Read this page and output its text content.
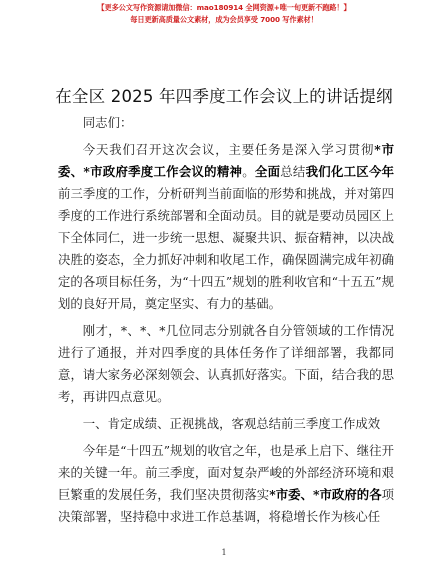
【更多公文写作资源请加微信：mao180914 全网资源+唯一旬更新不跑路！】
每日更新高质量公文素材，成为会员享受 7000 写作素材！
在全区 2025 年四季度工作会议上的讲话提纲

同志们：

今天我们召开这次会议，主要任务是深入学习贯彻*市委、*市政府季度工作会议的精神。全面总结我们化工区今年前三季度的工作，分析研判当前面临的形势和挑战，并对第四季度的工作进行系统部署和全面动员。目的就是要动员园区上下全体同仁，进一步统一思想、凝聚共识、振奋精神，以决战决胜的姿态，全力抓好冲刺和收尾工作，确保圆满完成年初确定的各项目标任务，为“十四五”规划的胜利收官和“十五五”规划的良好开局，奠定坚实、有力的基础。

刚才，*、*、*几位同志分别就各自分管领域的工作情况进行了通报，并对四季度的具体任务作了详细部署，我都同意，请大家务必深刻领会、认真抓好落实。下面，结合我的思考，再讲四点意见。

一、肯定成绩、正视挑战，客观总结前三季度工作成效

今年是“十四五”规划的收官之年，也是承上启下、继往开来的关键一年。前三季度，面对复杂严峻的外部经济环境和艰巨繁重的发展任务，我们坚决贯彻落实*市委、*市政府的各项决策部署，坚持稳中求进工作总基调，将稳增长作为核心任

1
